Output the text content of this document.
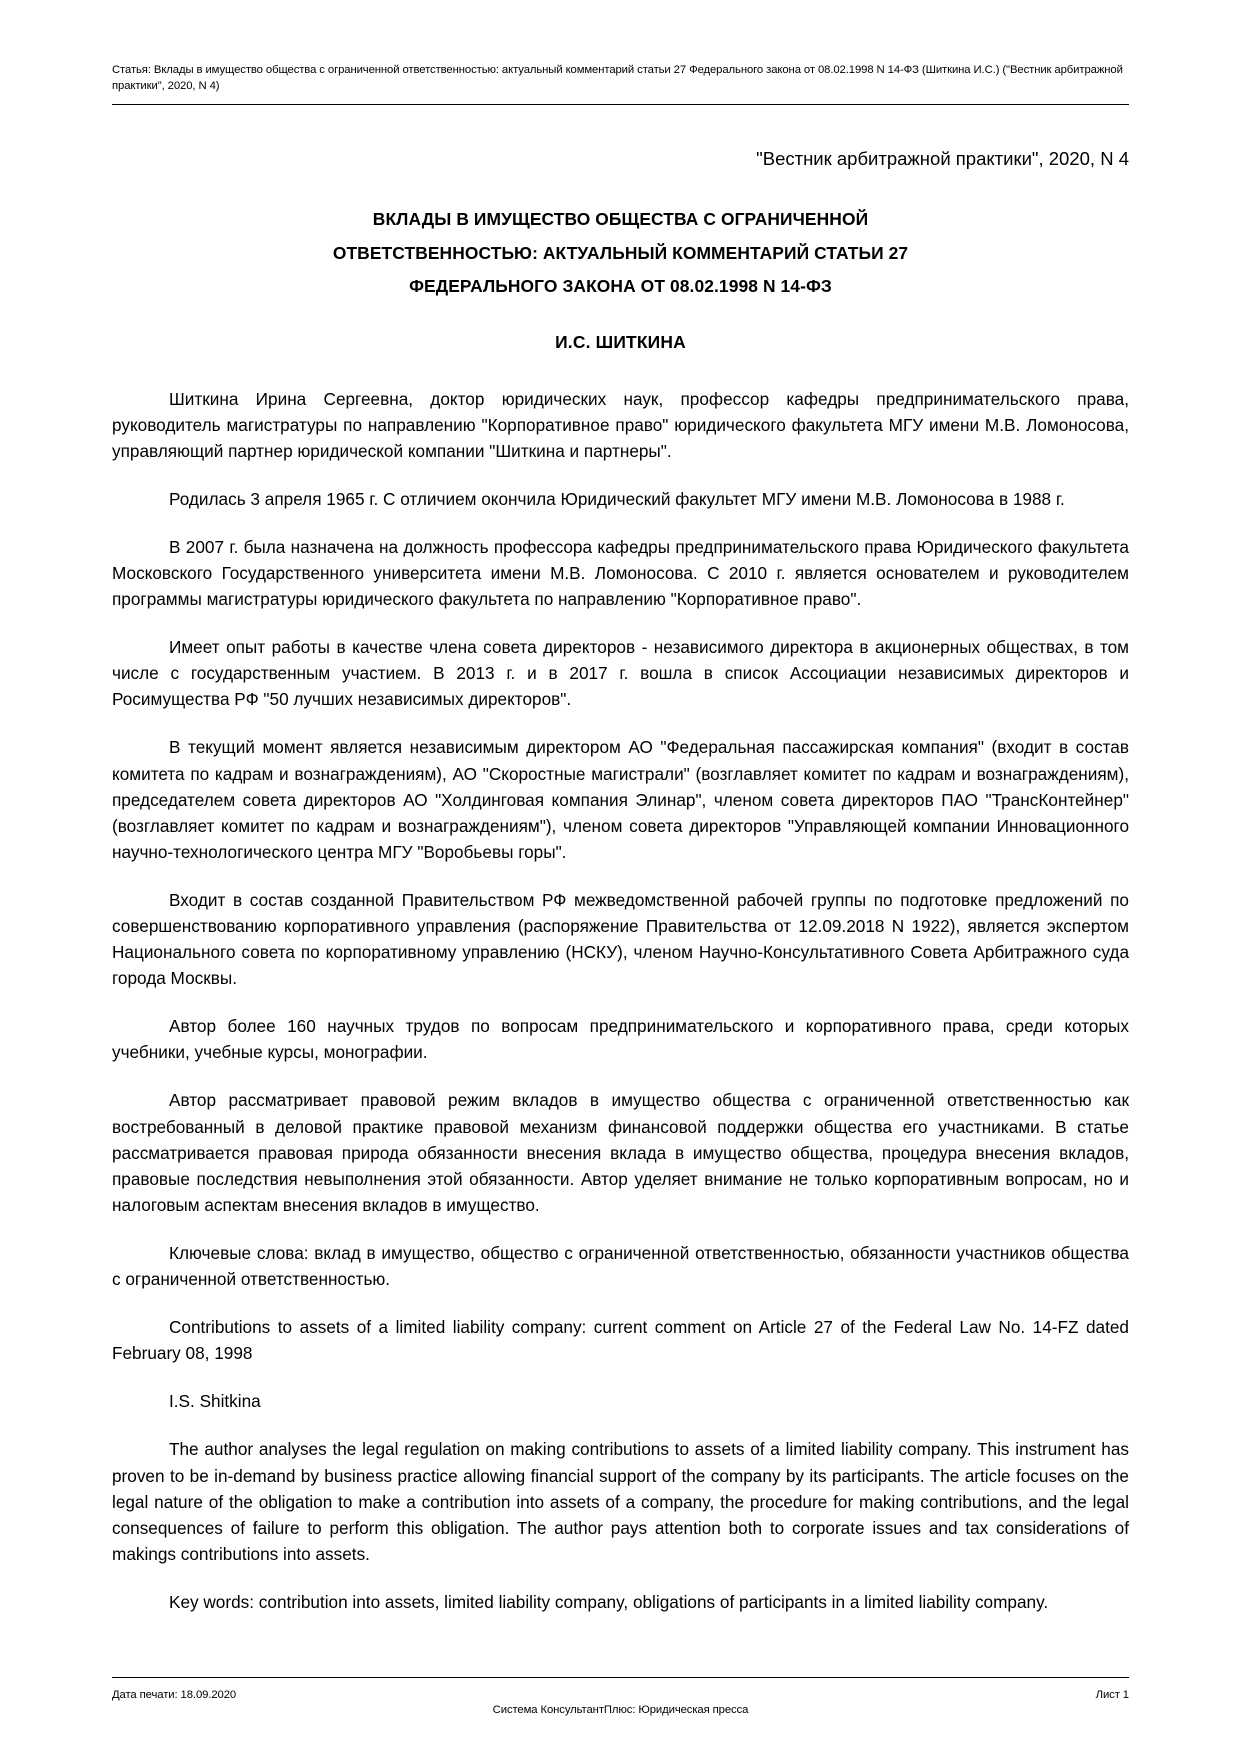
Статья: Вклады в имущество общества с ограниченной ответственностью: актуальный комментарий статьи 27 Федерального закона от 08.02.1998 N 14-ФЗ (Шиткина И.С.) ("Вестник арбитражной практики", 2020, N 4)
"Вестник арбитражной практики", 2020, N 4
ВКЛАДЫ В ИМУЩЕСТВО ОБЩЕСТВА С ОГРАНИЧЕННОЙ
ОТВЕТСТВЕННОСТЬЮ: АКТУАЛЬНЫЙ КОММЕНТАРИЙ СТАТЬИ 27
ФЕДЕРАЛЬНОГО ЗАКОНА ОТ 08.02.1998 N 14-ФЗ
И.С. ШИТКИНА

Шиткина Ирина Сергеевна, доктор юридических наук, профессор кафедры предпринимательского права, руководитель магистратуры по направлению "Корпоративное право" юридического факультета МГУ имени М.В. Ломоносова, управляющий партнер юридической компании "Шиткина и партнеры".

Родилась 3 апреля 1965 г. С отличием окончила Юридический факультет МГУ имени М.В. Ломоносова в 1988 г.

В 2007 г. была назначена на должность профессора кафедры предпринимательского права Юридического факультета Московского Государственного университета имени М.В. Ломоносова. С 2010 г. является основателем и руководителем программы магистратуры юридического факультета по направлению "Корпоративное право".

Имеет опыт работы в качестве члена совета директоров - независимого директора в акционерных обществах, в том числе с государственным участием. В 2013 г. и в 2017 г. вошла в список Ассоциации независимых директоров и Росимущества РФ "50 лучших независимых директоров".

В текущий момент является независимым директором АО "Федеральная пассажирская компания" (входит в состав комитета по кадрам и вознаграждениям), АО "Скоростные магистрали" (возглавляет комитет по кадрам и вознаграждениям), председателем совета директоров АО "Холдинговая компания Элинар", членом совета директоров ПАО "ТрансКонтейнер" (возглавляет комитет по кадрам и вознаграждениям"), членом совета директоров "Управляющей компании Инновационного научно-технологического центра МГУ "Воробьевы горы".

Входит в состав созданной Правительством РФ межведомственной рабочей группы по подготовке предложений по совершенствованию корпоративного управления (распоряжение Правительства от 12.09.2018 N 1922), является экспертом Национального совета по корпоративному управлению (НСКУ), членом Научно-Консультативного Совета Арбитражного суда города Москвы.

Автор более 160 научных трудов по вопросам предпринимательского и корпоративного права, среди которых учебники, учебные курсы, монографии.

Автор рассматривает правовой режим вкладов в имущество общества с ограниченной ответственностью как востребованный в деловой практике правовой механизм финансовой поддержки общества его участниками. В статье рассматривается правовая природа обязанности внесения вклада в имущество общества, процедура внесения вкладов, правовые последствия невыполнения этой обязанности. Автор уделяет внимание не только корпоративным вопросам, но и налоговым аспектам внесения вкладов в имущество.

Ключевые слова: вклад в имущество, общество с ограниченной ответственностью, обязанности участников общества с ограниченной ответственностью.

Contributions to assets of a limited liability company: current comment on Article 27 of the Federal Law No. 14-FZ dated February 08, 1998

I.S. Shitkina

The author analyses the legal regulation on making contributions to assets of a limited liability company. This instrument has proven to be in-demand by business practice allowing financial support of the company by its participants. The article focuses on the legal nature of the obligation to make a contribution into assets of a company, the procedure for making contributions, and the legal consequences of failure to perform this obligation. The author pays attention both to corporate issues and tax considerations of makings contributions into assets.

Key words: contribution into assets, limited liability company, obligations of participants in a limited liability company.

Дата печати: 18.09.2020	Лист 1
Система КонсультантПлюс: Юридическая пресса
